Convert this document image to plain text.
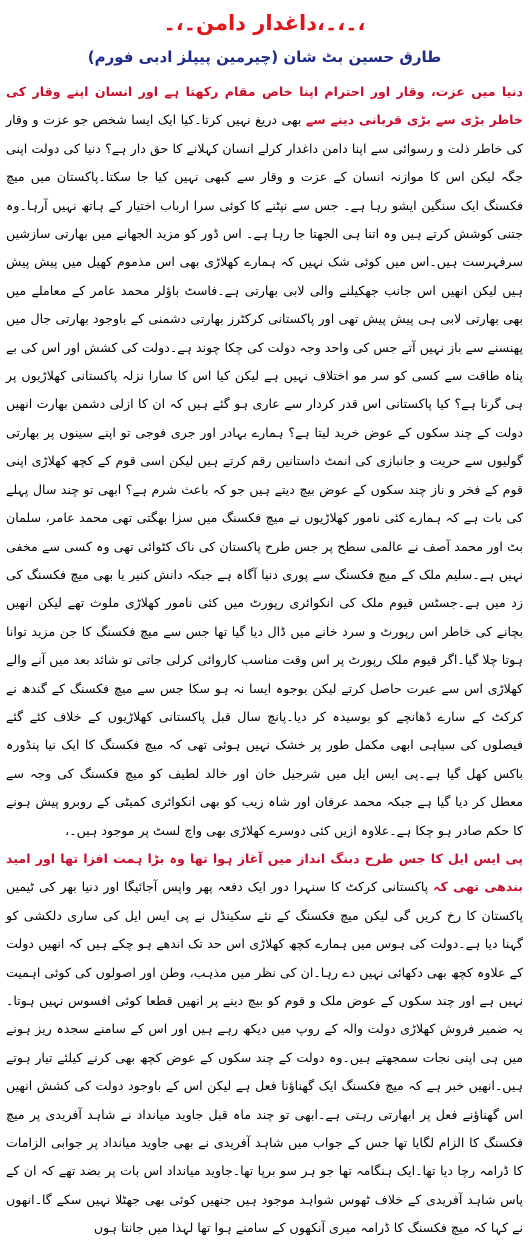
۔،۔،داغدار دامن۔،۔،
طارق حسین بٹ شان (چیرمین پیپلز ادبی فورم)

دنیا میں عزت، وقار اور احترام اپنا خاص مقام رکھتا ہے اور انسان اپنے وقار کی خاطر بڑی سے بڑی قربانی دینے سے بھی دریغ نہیں کرتا۔کیا ایک ایسا شخص جو عزت و وقار کی خاطر ذلت و رسوائی سے اپنا دامن داغدار کرلے انسان کہلانے کا حق دار ہے؟ دنیا کی دولت اپنی جگہ لیکن اس کا موازنہ انسان کے عزت و وقار سے کبھی نہیں کیا جا سکتا۔پاکستان میں میچ فکسنگ ایک سنگین ایشو رہا ہے۔ جس سے نپٹنے کا کوئی سرا ارباب اختیار کے ہاتھ نہیں آرہا۔وہ جتنی کوشش کرتے ہیں وہ اتنا ہی الجھتا جا رہا ہے۔ اس ڈور کو مزید الجھانے میں بھارتی سازشیں سرفہرست ہیں۔اس میں کوئی شک نہیں کہ ہمارے کھلاڑی بھی اس مذموم کھیل میں پیش پیش ہیں لیکن انھیں اس جانب جھکیلنے والی لابی بھارتی ہے۔فاسٹ باؤلر محمد عامر کے معاملے میں بھی بھارتی لابی ہی پیش پیش تھی اور پاکستانی کرکٹرز بھارتی دشمنی کے باوجود بھارتی جال میں پھنسنے سے باز نہیں آتے جس کی واحد وجہ دولت کی چکا چوند ہے۔دولت کی کشش اور اس کی بے پناہ طاقت سے کسی کو سر مو اختلاف نہیں ہے لیکن کیا اس کا سارا نزلہ پاکستانی کھلاڑیوں پر ہی گرنا ہے؟ کیا پاکستانی اس قدر کردار سے عاری ہو گئے ہیں کہ ان کا ازلی دشمن بھارت انھیں دولت کے چند سکوں کے عوض خرید لیتا ہے؟ ہمارے بہادر اور جری فوجی تو اپنے سینوں پر بھارتی گولیوں سے حریت و جانبازی کی انمٹ داستانیں رقم کرتے ہیں لیکن اسی قوم کے کچھ کھلاڑی اپنی قوم کے فخر و ناز چند سکوں کے عوض بیچ دیتے ہیں جو کہ باعث شرم ہے؟ ابھی تو چند سال پہلے کی بات ہے کہ ہمارے کئی نامور کھلاڑیوں نے میچ فکسنگ میں سزا بھگتی تھی محمد عامر، سلمان بٹ اور محمد آصف نے عالمی سطح پر جس طرح پاکستان کی ناک کٹوائی تھی وہ کسی سے مخفی نہیں ہے۔سلیم ملک کے میچ فکسنگ سے پوری دنیا آگاہ ہے جبکہ دانش کنیر یا بھی میچ فکسنگ کی زد میں ہے۔جسٹس قیوم ملک کی انکوائری رپورٹ میں کئی نامور کھلاڑی ملوث تھے لیکن انھیں بچانے کی خاطر اس رپورٹ و سرد خانے میں ڈال دیا گیا تھا جس سے میچ فکسنگ کا جن مزید توانا ہوتا چلا گیا۔اگر قیوم ملک رپورٹ پر اس وقت مناسب کاروائی کرلی جاتی تو شائد بعد میں آنے والے کھلاڑی اس سے عبرت حاصل کرتے لیکن بوجوہ ایسا نہ ہو سکا جس سے میچ فکسنگ کے گندھ نے کرکٹ کے سارے ڈھانچے کو بوسیدہ کر دیا۔پانچ سال قبل پاکستانی کھلاڑیوں کے خلاف کئے گئے فیصلوں کی سیاہی ابھی مکمل طور پر خشک نہیں ہوئی تھی کہ میچ فکسنگ کا ایک نیا پنڈورہ باکس کھل گیا ہے۔پی ایس ایل میں شرجیل خان اور خالد لطیف کو میچ فکسنگ کی وجہ سے معطل کر دیا گیا ہے جبکہ محمد عرفان اور شاہ زیب کو بھی انکوائری کمیٹی کے روبرو پیش ہونے کا حکم صادر ہو چکا ہے۔علاوہ ازیں کئی دوسرے کھلاڑی بھی واچ لسٹ پر موجود ہیں۔،

پی ایس ایل کا جس طرح دبنگ انداز میں آغاز ہوا تھا وہ بڑا ہمت افزا تھا اور امید بندھی تھی کہ پاکستانی کرکٹ کا سنہرا دور ایک دفعہ پھر واپس آجائیگا اور دنیا بھر کی ٹیمیں پاکستان کا رخ کریں گی لیکن میچ فکسنگ کے نئے سکینڈل نے پی ایس ایل کی ساری دلکشی کو گہنا دیا ہے۔دولت کی ہوس میں ہمارے کچھ کھلاڑی اس حد تک اندھے ہو چکے ہیں کہ انھیں دولت کے علاوہ کچھ بھی دکھائی نہیں دے رہا۔ان کی نظر میں مذہب، وطن اور اصولوں کی کوئی اہمیت نہیں ہے اور چند سکوں کے عوض ملک و قوم کو بیچ دینے پر انھیں قطعا کوئی افسوس نہیں ہوتا۔یہ ضمیر فروش کھلاڑی دولت والہ کے روپ میں دیکھ رہے ہیں اور اس کے سامنے سجدہ ریز ہونے میں ہی اپنی نجات سمجھتے ہیں۔وہ دولت کے چند سکوں کے عوض کچھ بھی کرنے کیلئے تیار ہوتے ہیں۔انھیں خبر ہے کہ میچ فکسنگ ایک گھناؤنا فعل ہے لیکن اس کے باوجود دولت کی کشش انھیں اس گھناؤنے فعل پر ابھارتی رہتی ہے۔ابھی تو چند ماہ قبل جاوید میانداد نے شاہد آفریدی پر میچ فکسنگ کا الزام لگایا تھا جس کے جواب میں شاہد آفریدی نے بھی جاوید میانداد پر جوابی الزامات کا ڈرامہ رچا دیا تھا۔ایک ہنگامہ تھا جو ہر سو برپا تھا۔جاوید میانداد اس بات پر بضد تھے کہ ان کے پاس شاہد آفریدی کے خلاف ٹھوس شواہد موجود ہیں جنھیں کوئی بھی جھٹلا نہیں سکے گا۔انھوں نے کہا کہ میچ فکسنگ کا ڈرامہ میری آنکھوں کے سامنے ہوا تھا لہذا میں جانتا ہوں
